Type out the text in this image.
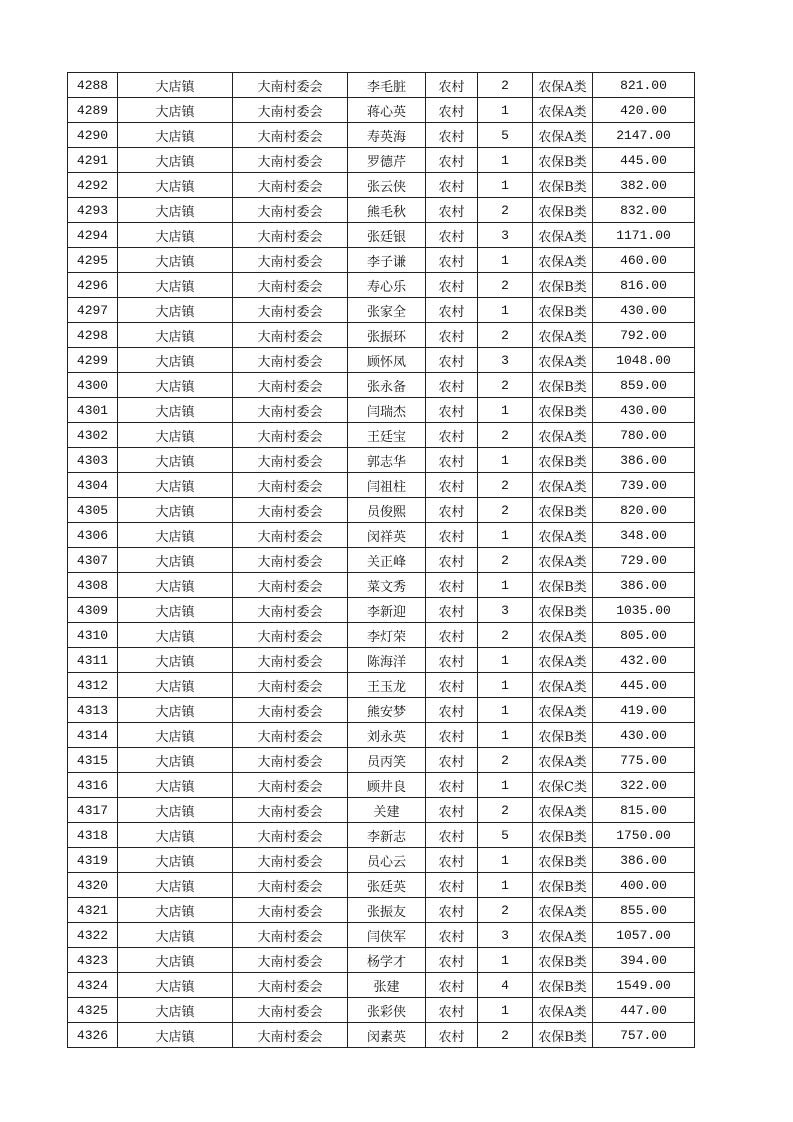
4288	大店镇	大南村委会	李毛脏	农村	2	农保A类	821.00
4289	大店镇	大南村委会	蒋心英	农村	1	农保A类	420.00
4290	大店镇	大南村委会	寿英海	农村	5	农保A类	2147.00
4291	大店镇	大南村委会	罗德芹	农村	1	农保B类	445.00
4292	大店镇	大南村委会	张云侠	农村	1	农保B类	382.00
4293	大店镇	大南村委会	熊毛秋	农村	2	农保B类	832.00
4294	大店镇	大南村委会	张廷银	农村	3	农保A类	1171.00
4295	大店镇	大南村委会	李子谦	农村	1	农保A类	460.00
4296	大店镇	大南村委会	寿心乐	农村	2	农保B类	816.00
4297	大店镇	大南村委会	张家全	农村	1	农保B类	430.00
4298	大店镇	大南村委会	张振环	农村	2	农保A类	792.00
4299	大店镇	大南村委会	顾怀凤	农村	3	农保A类	1048.00
4300	大店镇	大南村委会	张永备	农村	2	农保B类	859.00
4301	大店镇	大南村委会	闫瑞杰	农村	1	农保B类	430.00
4302	大店镇	大南村委会	王廷宝	农村	2	农保A类	780.00
4303	大店镇	大南村委会	郭志华	农村	1	农保B类	386.00
4304	大店镇	大南村委会	闫祖柱	农村	2	农保A类	739.00
4305	大店镇	大南村委会	员俊熙	农村	2	农保B类	820.00
4306	大店镇	大南村委会	闵祥英	农村	1	农保A类	348.00
4307	大店镇	大南村委会	关正峰	农村	2	农保A类	729.00
4308	大店镇	大南村委会	菜文秀	农村	1	农保B类	386.00
4309	大店镇	大南村委会	李新迎	农村	3	农保B类	1035.00
4310	大店镇	大南村委会	李灯荣	农村	2	农保A类	805.00
4311	大店镇	大南村委会	陈海洋	农村	1	农保A类	432.00
4312	大店镇	大南村委会	王玉龙	农村	1	农保A类	445.00
4313	大店镇	大南村委会	熊安梦	农村	1	农保A类	419.00
4314	大店镇	大南村委会	刘永英	农村	1	农保B类	430.00
4315	大店镇	大南村委会	员丙笑	农村	2	农保A类	775.00
4316	大店镇	大南村委会	顾井良	农村	1	农保C类	322.00
4317	大店镇	大南村委会	关建	农村	2	农保A类	815.00
4318	大店镇	大南村委会	李新志	农村	5	农保B类	1750.00
4319	大店镇	大南村委会	员心云	农村	1	农保B类	386.00
4320	大店镇	大南村委会	张廷英	农村	1	农保B类	400.00
4321	大店镇	大南村委会	张振友	农村	2	农保A类	855.00
4322	大店镇	大南村委会	闫侠军	农村	3	农保A类	1057.00
4323	大店镇	大南村委会	杨学才	农村	1	农保B类	394.00
4324	大店镇	大南村委会	张建	农村	4	农保B类	1549.00
4325	大店镇	大南村委会	张彩侠	农村	1	农保A类	447.00
4326	大店镇	大南村委会	闵素英	农村	2	农保B类	757.00
